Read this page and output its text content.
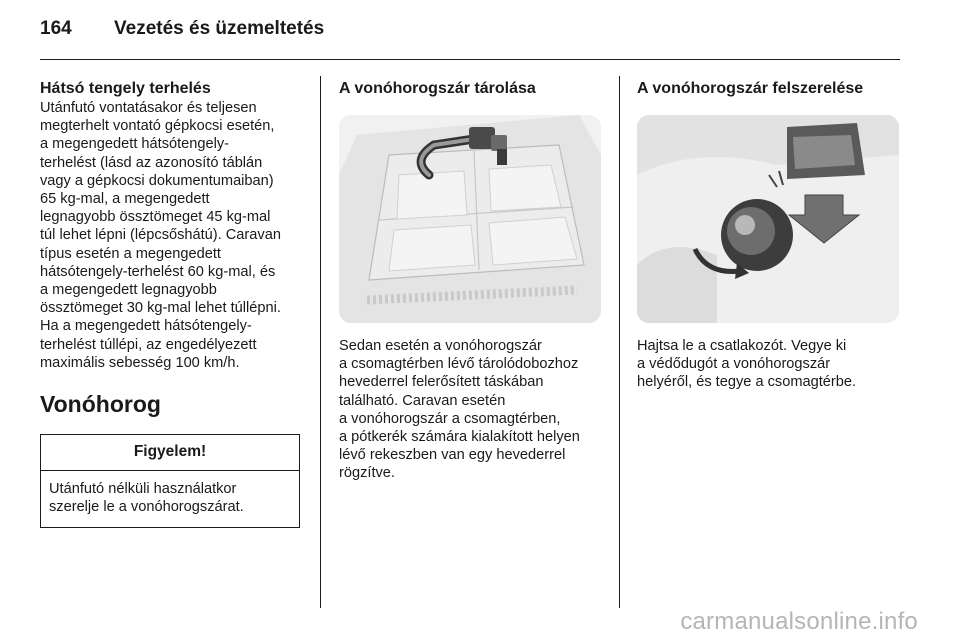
164	Vezetés és üzemeltetés
Hátsó tengely terhelés

Utánfutó vontatásakor és teljesen
megterhelt vontató gépkocsi esetén,
a megengedett hátsótengely-
terhelést (lásd az azonosító táblán
vagy a gépkocsi dokumentumaiban)
65 kg-mal, a megengedett
legnagyobb össztömeget 45 kg-mal
túl lehet lépni (lépcsőshátú). Caravan
típus esetén a megengedett
hátsótengely-terhelést 60 kg-mal, és
a megengedett legnagyobb
össztömeget 30 kg-mal lehet túllépni.
Ha a megengedett hátsótengely-
terhelést túllépi, az engedélyezett
maximális sebesség 100 km/h.

Vonóhorog
Figyelem!
Utánfutó nélküli használatkor
szerelje le a vonóhorogszárat.
A vonóhorogszár tárolása

Sedan esetén a vonóhorogszár
a csomagtérben lévő tárolódobozhoz
hevederrel felerősített táskában
található. Caravan esetén
a vonóhorogszár a csomagtérben,
a pótkerék számára kialakított helyen
lévő rekeszben van egy hevederrel
rögzítve.

A vonóhorogszár felszerelése

Hajtsa le a csatlakozót. Vegye ki
a védődugót a vonóhorogszár
helyéről, és tegye a csomagtérbe.

carmanualsonline.info
